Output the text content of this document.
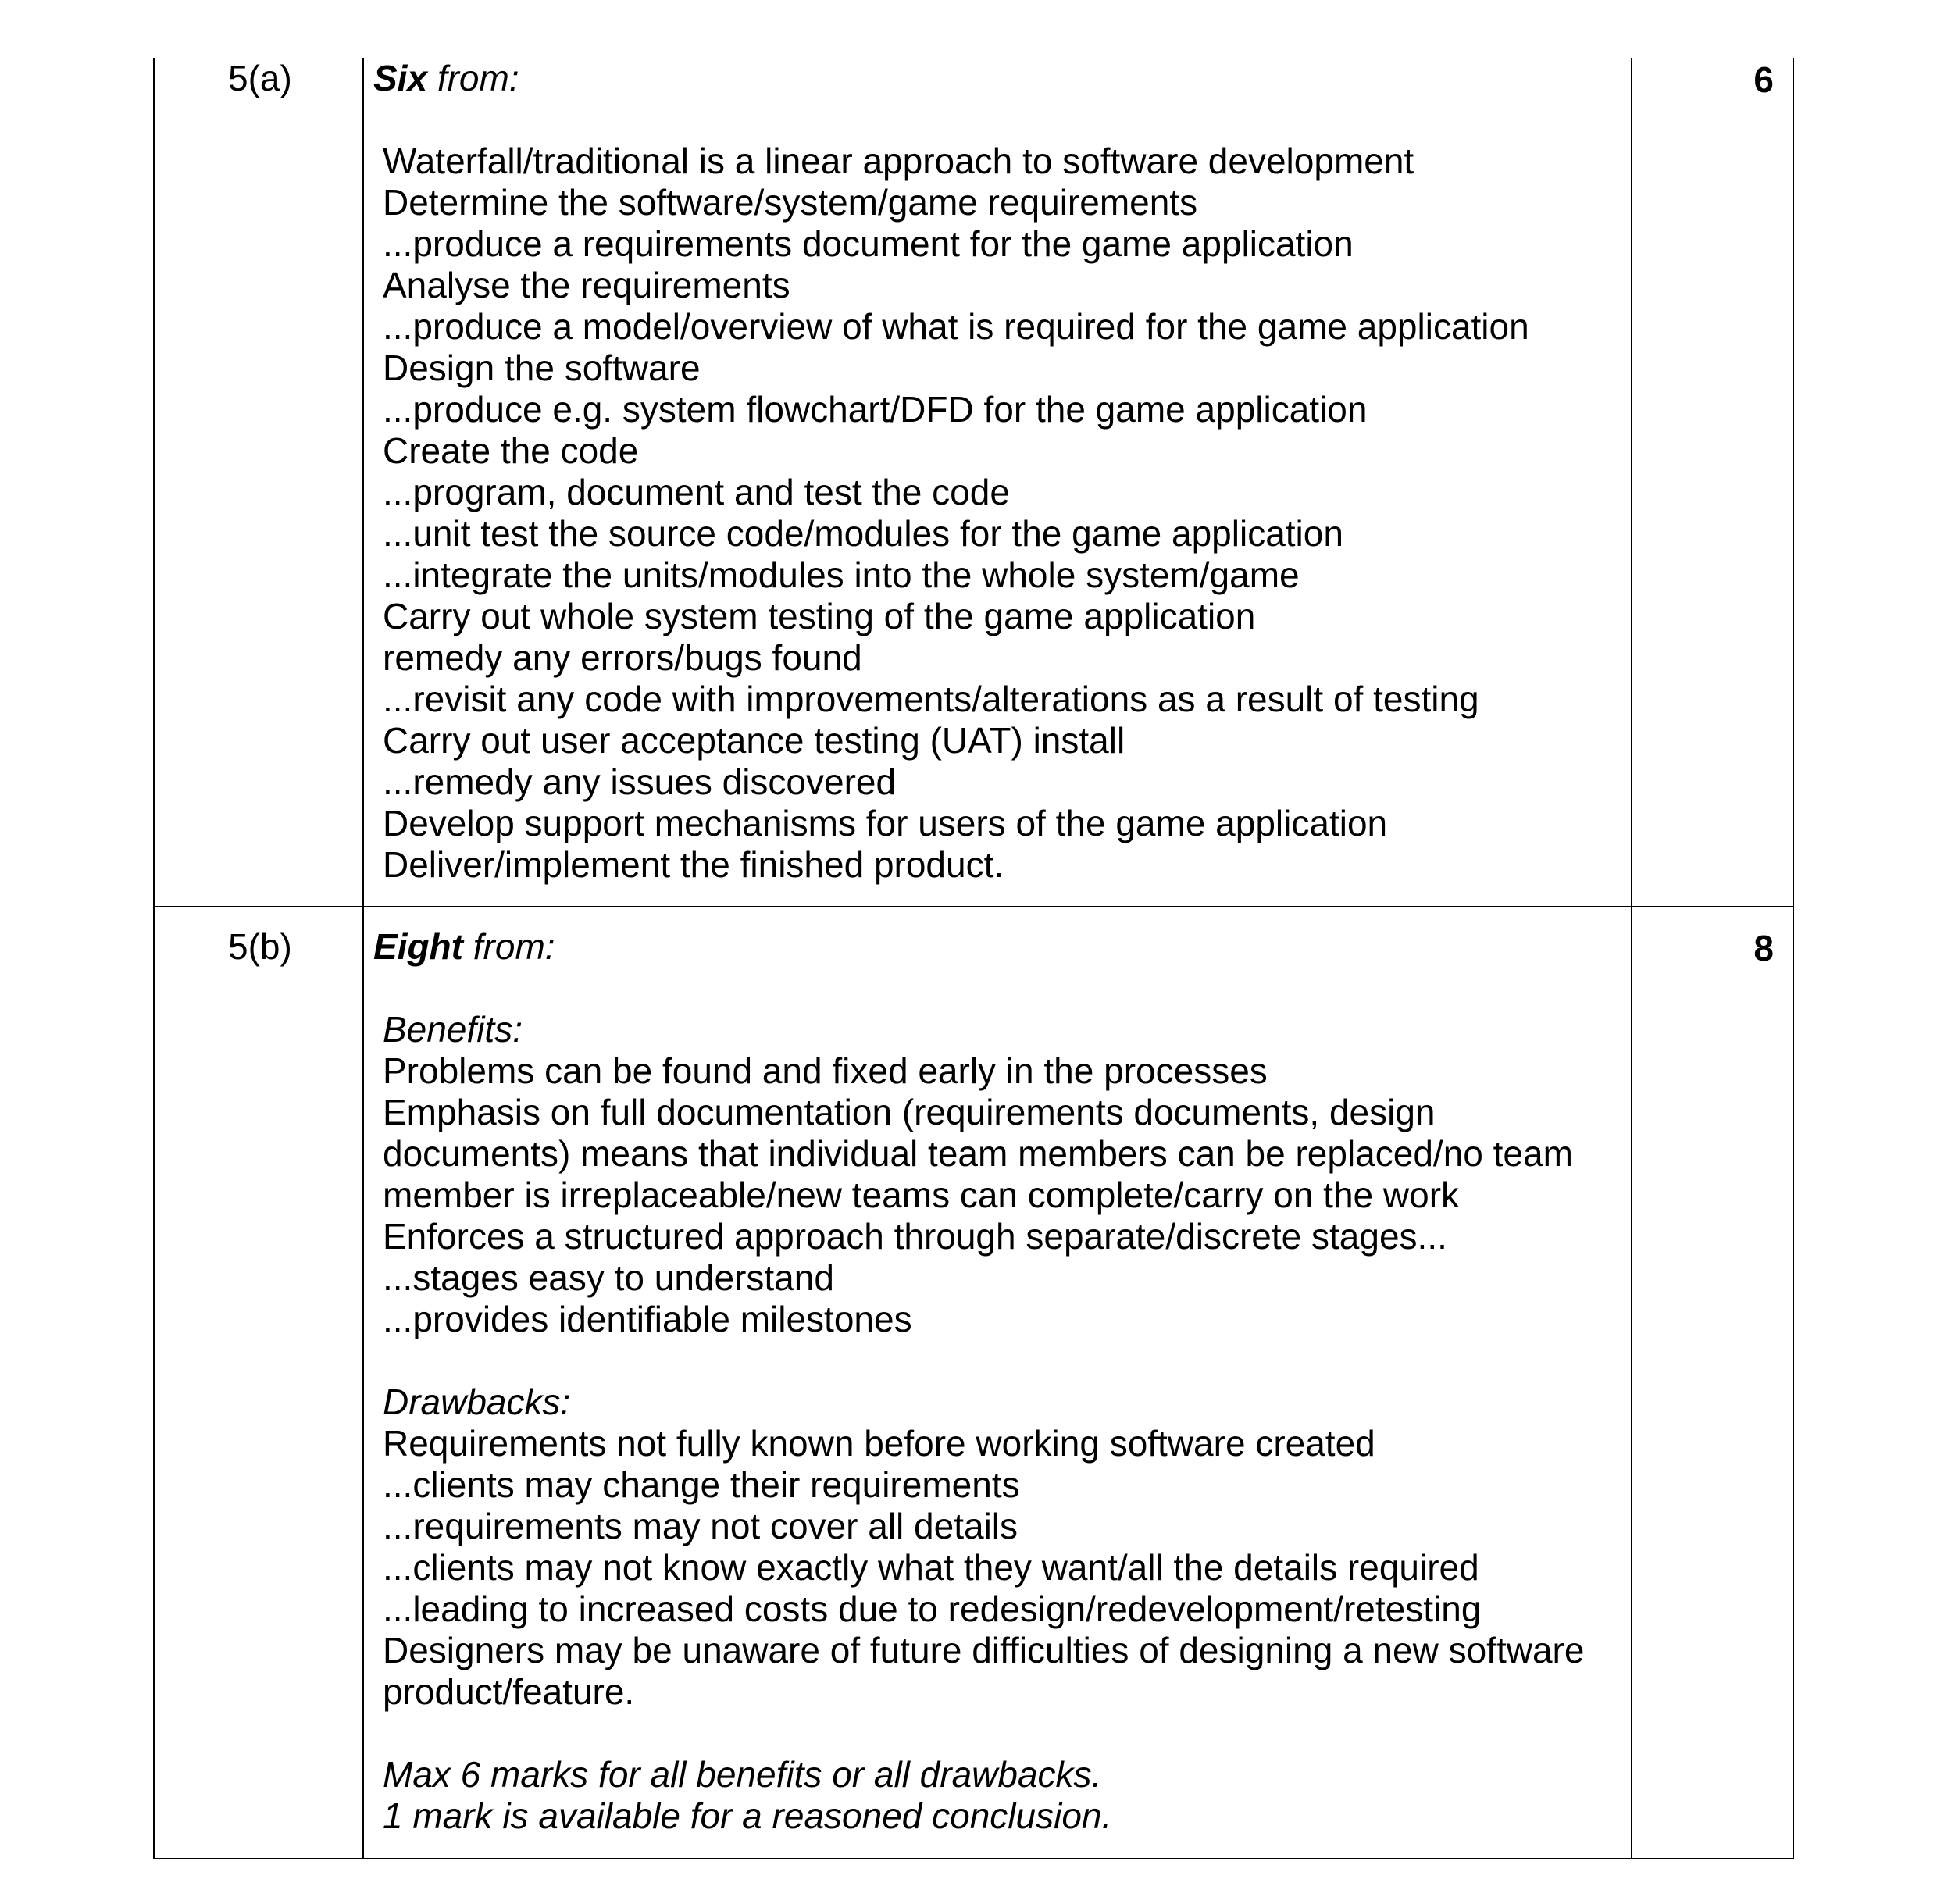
5(a) Six from:

Waterfall/traditional is a linear approach to software development
Determine the software/system/game requirements
...produce a requirements document for the game application
Analyse the requirements
...produce a model/overview of what is required for the game application
Design the software
...produce e.g. system flowchart/DFD for the game application
Create the code
...program, document and test the code
...unit test the source code/modules for the game application
...integrate the units/modules into the whole system/game
Carry out whole system testing of the game application
remedy any errors/bugs found
...revisit any code with improvements/alterations as a result of testing
Carry out user acceptance testing (UAT) install
...remedy any issues discovered
Develop support mechanisms for users of the game application
Deliver/implement the finished product.
6
5(b) Eight from:

Benefits:
Problems can be found and fixed early in the processes
Emphasis on full documentation (requirements documents, design documents) means that individual team members can be replaced/no team member is irreplaceable/new teams can complete/carry on the work
Enforces a structured approach through separate/discrete stages...
...stages easy to understand
...provides identifiable milestones
Drawbacks:
Requirements not fully known before working software created
...clients may change their requirements
...requirements may not cover all details
...clients may not know exactly what they want/all the details required
...leading to increased costs due to redesign/redevelopment/retesting
Designers may be unaware of future difficulties of designing a new software product/feature.
Max 6 marks for all benefits or all drawbacks.
1 mark is available for a reasoned conclusion.
8
